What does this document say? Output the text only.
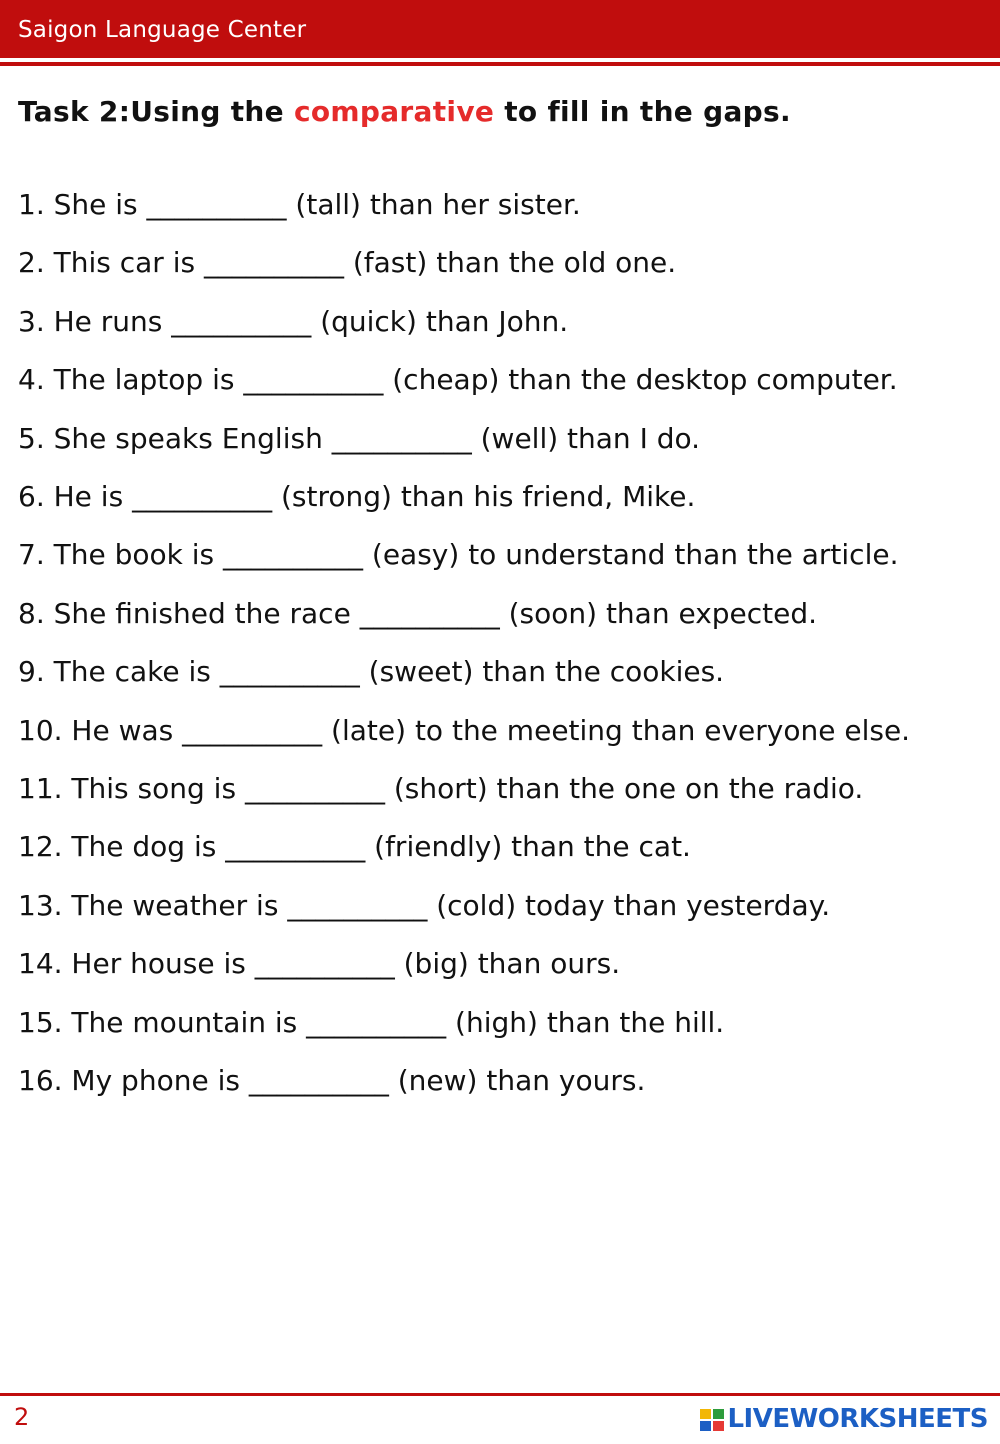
Saigon Language Center
Task 2:Using the comparative to fill in the gaps.
1. She is __________ (tall) than her sister.
2. This car is __________ (fast) than the old one.
3. He runs __________ (quick) than John.
4. The laptop is __________ (cheap) than the desktop computer.
5. She speaks English __________ (well) than I do.
6. He is __________ (strong) than his friend, Mike.
7. The book is __________ (easy) to understand than the article.
8. She finished the race __________ (soon) than expected.
9. The cake is __________ (sweet) than the cookies.
10. He was __________ (late) to the meeting than everyone else.
11. This song is __________ (short) than the one on the radio.
12. The dog is __________ (friendly) than the cat.
13. The weather is __________ (cold) today than yesterday.
14. Her house is __________ (big) than ours.
15. The mountain is __________ (high) than the hill.
16. My phone is __________ (new) than yours.
2	LIVEWORKSHEETS
